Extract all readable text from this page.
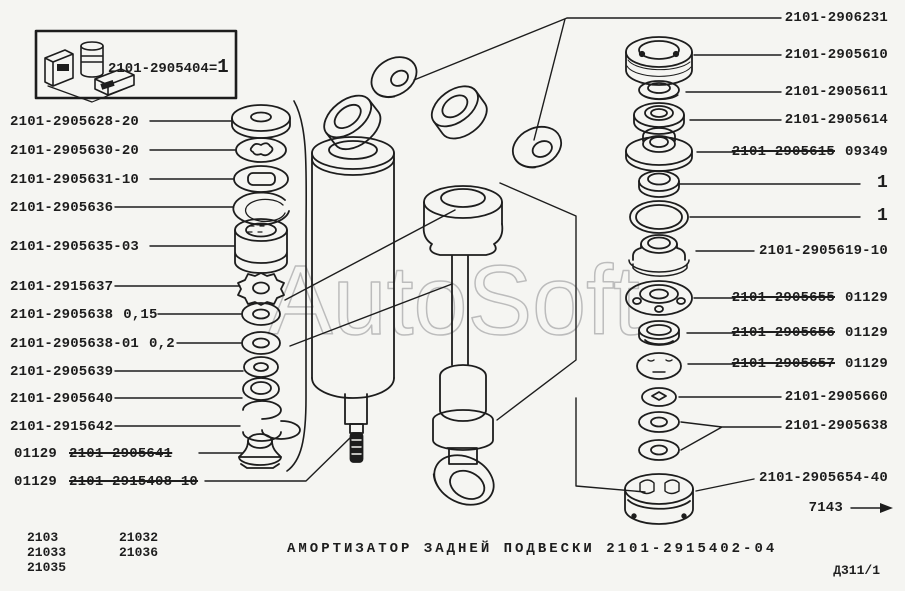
AutoSoft
2101-2905404=1
2101-2905628-20
2101-2905630-20
2101-2905631-10
2101-2905636
2101-2905635-03
2101-2915637
2101-2905638 0,15
2101-2905638-01 0,2
2101-2905639
2101-2905640
2101-2915642
01129 2101-2905641
01129 2101-2915408-10
2101-2906231
2101-2905610
2101-2905611
2101-2905614
2101-2905615 09349
1
1
2101-2905619-10
2101-2905655 01129
2101-2905656 01129
2101-2905657 01129
2101-2905660
2101-2905638
2101-2905654-40
7143
2103
21033
21035
21032
21036	АМОРТИЗАТОР ЗАДНЕЙ ПОДВЕСКИ 2101-2915402-04
Д311/1
